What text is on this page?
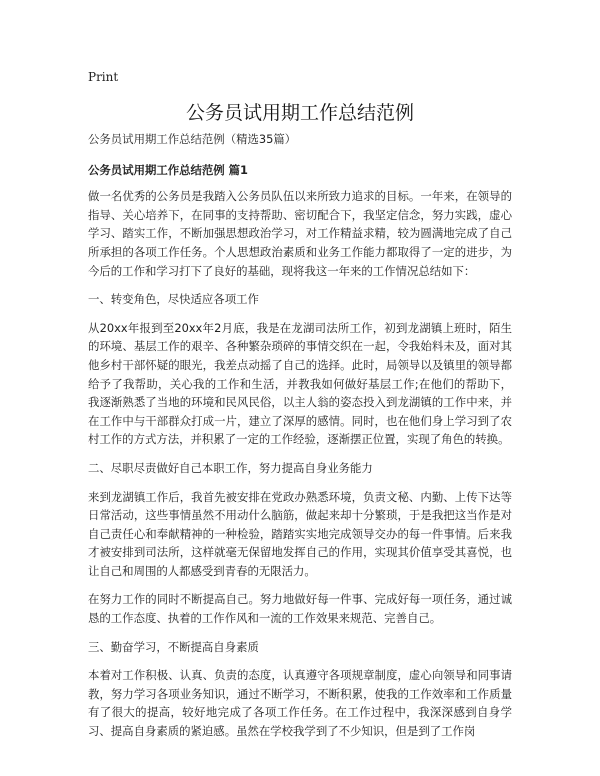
Print
公务员试用期工作总结范例

公务员试用期工作总结范例（精选35篇）

公务员试用期工作总结范例 篇1

做一名优秀的公务员是我踏入公务员队伍以来所致力追求的目标。一年来，在领导的指导、关心培养下，在同事的支持帮助、密切配合下，我坚定信念，努力实践，虚心学习、踏实工作，不断加强思想政治学习，对工作精益求精，较为圆满地完成了自己所承担的各项工作任务。个人思想政治素质和业务工作能力都取得了一定的进步，为今后的工作和学习打下了良好的基础，现将我这一年来的工作情况总结如下：

一、转变角色，尽快适应各项工作

从20xx年报到至20xx年2月底，我是在龙湖司法所工作，初到龙湖镇上班时，陌生的环境、基层工作的艰辛、各种繁杂琐碎的事情交织在一起，令我始料未及，面对其他乡村干部怀疑的眼光，我差点动摇了自己的选择。此时，局领导以及镇里的领导都给予了我帮助，关心我的工作和生活，并教我如何做好基层工作;在他们的帮助下，我逐渐熟悉了当地的环境和民风民俗，以主人翁的姿态投入到龙湖镇的工作中来，并在工作中与干部群众打成一片，建立了深厚的感情。同时，也在他们身上学习到了农村工作的方式方法，并积累了一定的工作经验，逐渐摆正位置，实现了角色的转换。

二、尽职尽责做好自己本职工作，努力提高自身业务能力

来到龙湖镇工作后，我首先被安排在党政办熟悉环境，负责文秘、内勤、上传下达等日常活动，这些事情虽然不用动什么脑筋，做起来却十分繁琐，于是我把这当作是对自己责任心和奉献精神的一种检验，踏踏实实地完成领导交办的每一件事情。后来我才被安排到司法所，这样就毫无保留地发挥自己的作用，实现其价值享受其喜悦，也让自己和周围的人都感受到青春的无限活力。

在努力工作的同时不断提高自己。努力地做好每一件事、完成好每一项任务，通过诚恳的工作态度、执着的工作作风和一流的工作效果来规范、完善自己。

三、勤奋学习，不断提高自身素质

本着对工作积极、认真、负责的态度，认真遵守各项规章制度，虚心向领导和同事请教，努力学习各项业务知识，通过不断学习，不断积累，使我的工作效率和工作质量有了很大的提高，较好地完成了各项工作任务。在工作过程中，我深深感到自身学习、提高自身素质的紧迫感。虽然在学校我学到了不少知识，但是到了工作岗
